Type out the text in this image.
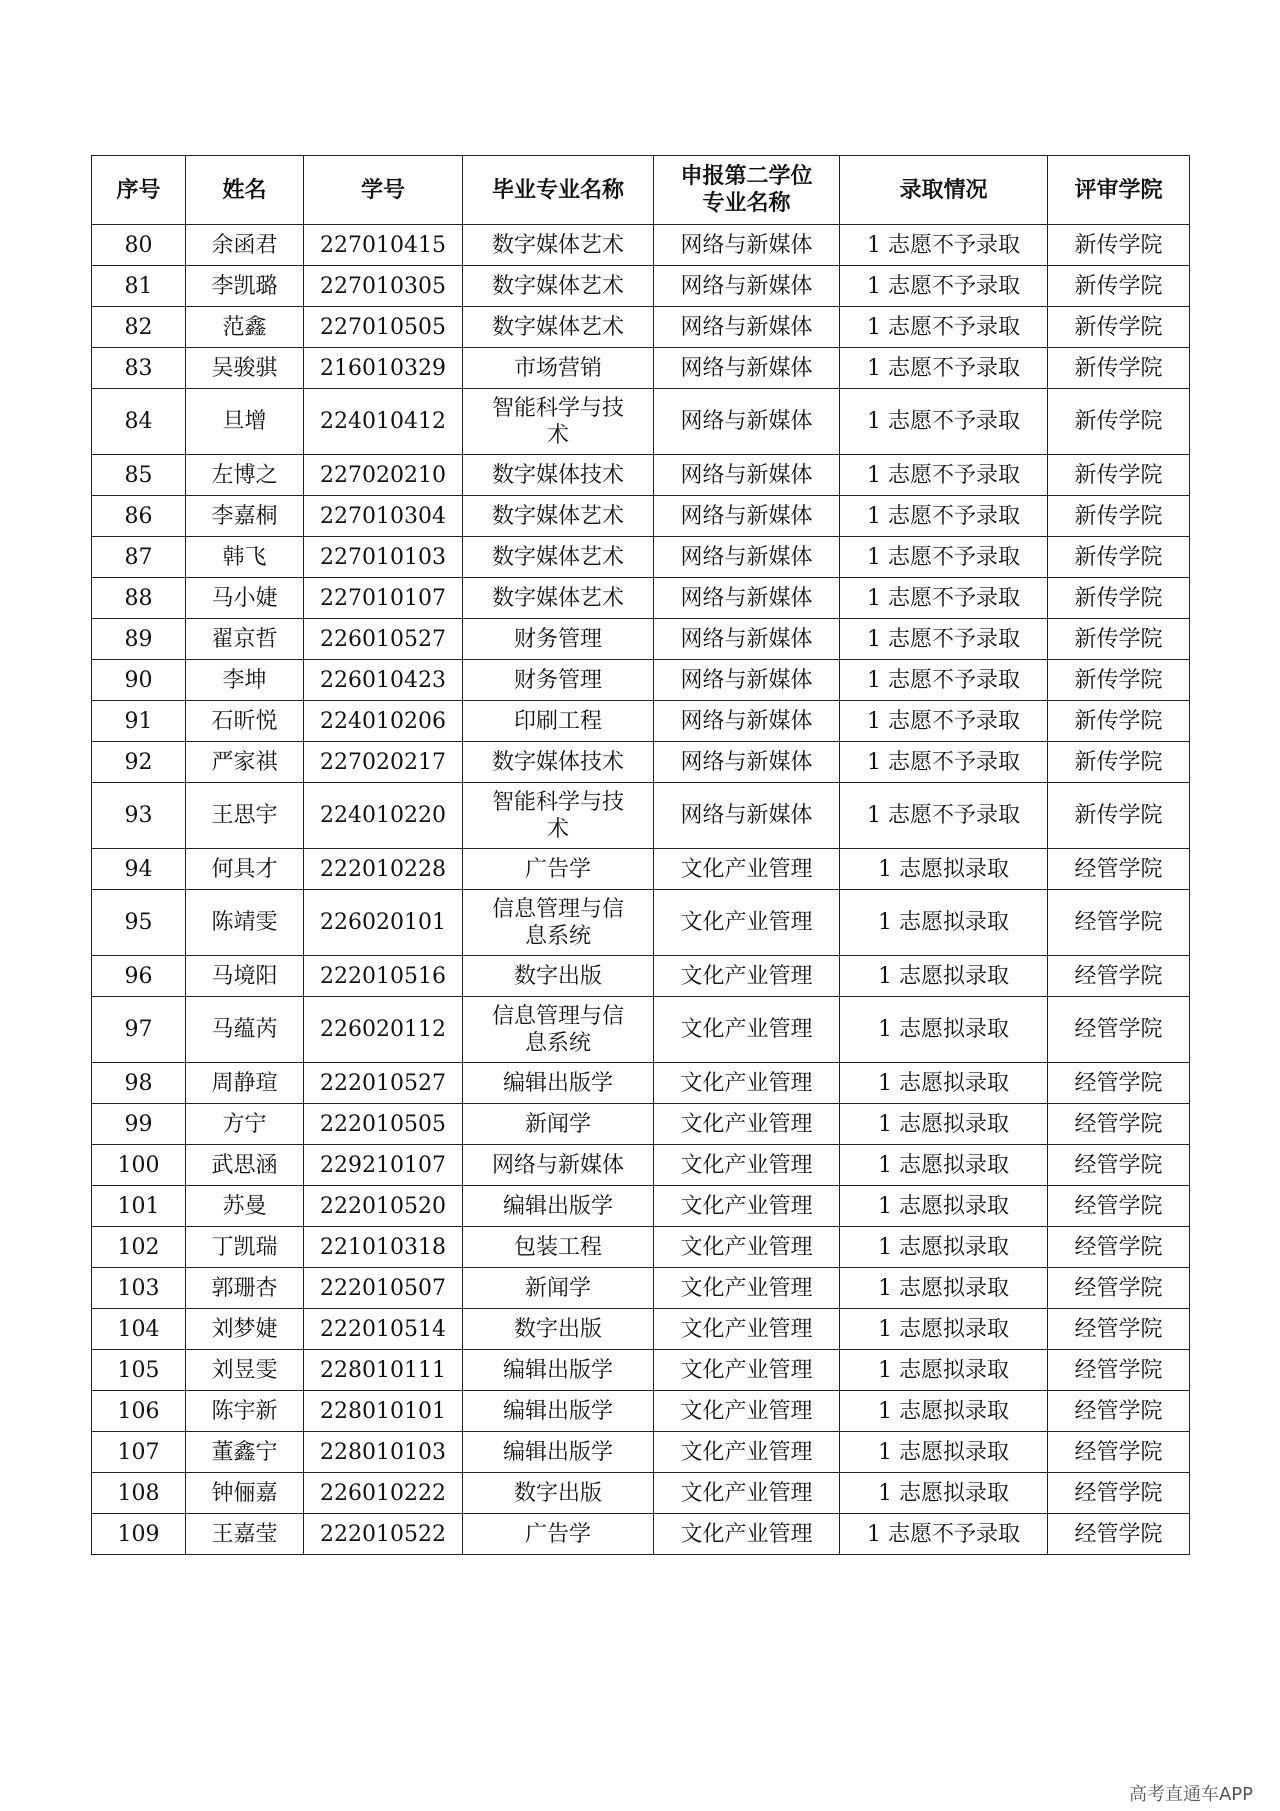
序号	姓名	学号	毕业专业名称	申报第二学位
专业名称	录取情况	评审学院
80	余函君	227010415	数字媒体艺术	网络与新媒体	1 志愿不予录取	新传学院
81	李凯璐	227010305	数字媒体艺术	网络与新媒体	1 志愿不予录取	新传学院
82	范鑫	227010505	数字媒体艺术	网络与新媒体	1 志愿不予录取	新传学院
83	吴骏骐	216010329	市场营销	网络与新媒体	1 志愿不予录取	新传学院
84	旦增	224010412	智能科学与技
术	网络与新媒体	1 志愿不予录取	新传学院
85	左博之	227020210	数字媒体技术	网络与新媒体	1 志愿不予录取	新传学院
86	李嘉桐	227010304	数字媒体艺术	网络与新媒体	1 志愿不予录取	新传学院
87	韩飞	227010103	数字媒体艺术	网络与新媒体	1 志愿不予录取	新传学院
88	马小婕	227010107	数字媒体艺术	网络与新媒体	1 志愿不予录取	新传学院
89	翟京哲	226010527	财务管理	网络与新媒体	1 志愿不予录取	新传学院
90	李坤	226010423	财务管理	网络与新媒体	1 志愿不予录取	新传学院
91	石昕悦	224010206	印刷工程	网络与新媒体	1 志愿不予录取	新传学院
92	严家祺	227020217	数字媒体技术	网络与新媒体	1 志愿不予录取	新传学院
93	王思宇	224010220	智能科学与技
术	网络与新媒体	1 志愿不予录取	新传学院
94	何具才	222010228	广告学	文化产业管理	1 志愿拟录取	经管学院
95	陈靖雯	226020101	信息管理与信
息系统	文化产业管理	1 志愿拟录取	经管学院
96	马境阳	222010516	数字出版	文化产业管理	1 志愿拟录取	经管学院
97	马蕴芮	226020112	信息管理与信
息系统	文化产业管理	1 志愿拟录取	经管学院
98	周静瑄	222010527	编辑出版学	文化产业管理	1 志愿拟录取	经管学院
99	方宁	222010505	新闻学	文化产业管理	1 志愿拟录取	经管学院
100	武思涵	229210107	网络与新媒体	文化产业管理	1 志愿拟录取	经管学院
101	苏曼	222010520	编辑出版学	文化产业管理	1 志愿拟录取	经管学院
102	丁凯瑞	221010318	包装工程	文化产业管理	1 志愿拟录取	经管学院
103	郭珊杏	222010507	新闻学	文化产业管理	1 志愿拟录取	经管学院
104	刘梦婕	222010514	数字出版	文化产业管理	1 志愿拟录取	经管学院
105	刘昱雯	228010111	编辑出版学	文化产业管理	1 志愿拟录取	经管学院
106	陈宇新	228010101	编辑出版学	文化产业管理	1 志愿拟录取	经管学院
107	董鑫宁	228010103	编辑出版学	文化产业管理	1 志愿拟录取	经管学院
108	钟俪嘉	226010222	数字出版	文化产业管理	1 志愿拟录取	经管学院
109	王嘉莹	222010522	广告学	文化产业管理	1 志愿不予录取	经管学院
高考直通车APP
